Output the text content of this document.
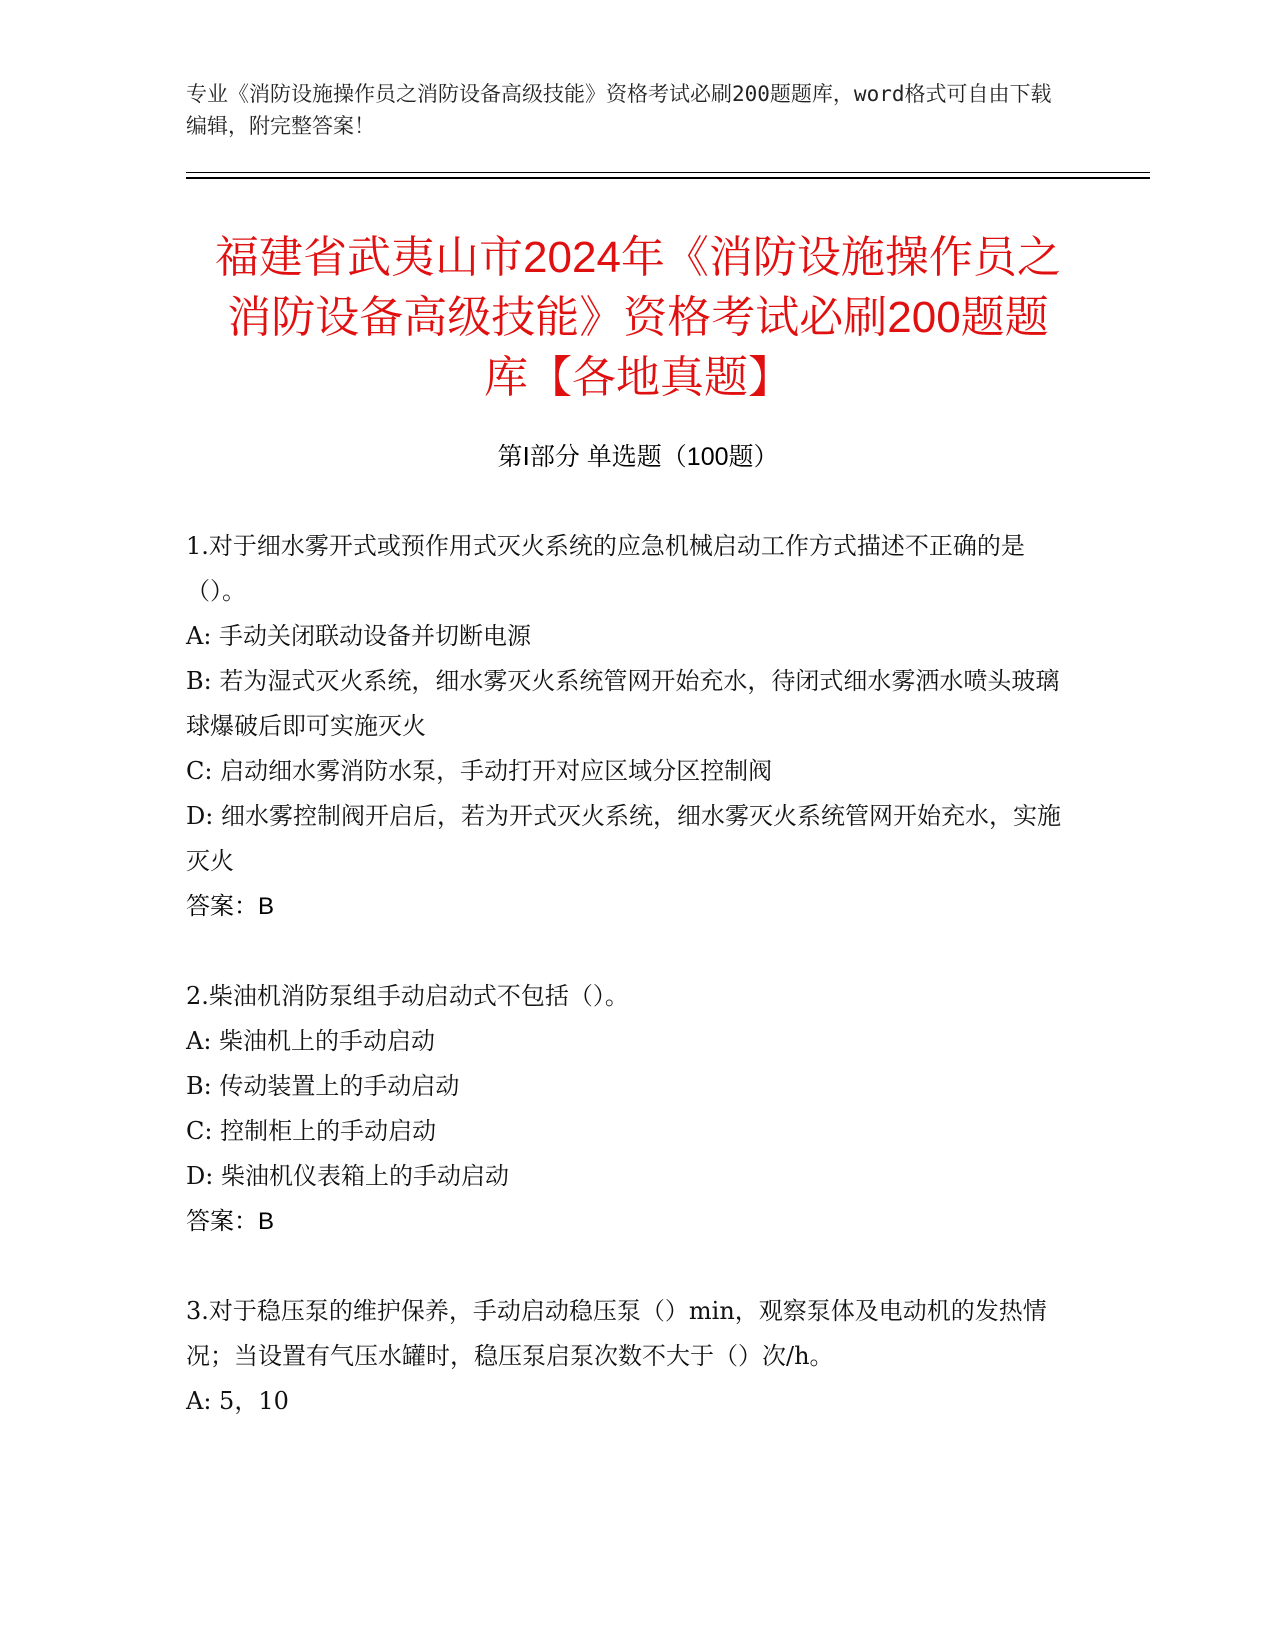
专业《消防设施操作员之消防设备高级技能》资格考试必刷200题题库，word格式可自由下载编辑，附完整答案！
福建省武夷山市2024年《消防设施操作员之
消防设备高级技能》资格考试必刷200题题
库【各地真题】
第Ⅰ部分 单选题（100题）

1.对于细水雾开式或预作用式灭火系统的应急机械启动工作方式描述不正确的是（）。

A: 手动关闭联动设备并切断电源

B: 若为湿式灭火系统，细水雾灭火系统管网开始充水，待闭式细水雾洒水喷头玻璃球爆破后即可实施灭火

C: 启动细水雾消防水泵，手动打开对应区域分区控制阀

D: 细水雾控制阀开启后，若为开式灭火系统，细水雾灭火系统管网开始充水，实施灭火

答案：B

2.柴油机消防泵组手动启动式不包括（）。

A: 柴油机上的手动启动

B: 传动装置上的手动启动

C: 控制柜上的手动启动

D: 柴油机仪表箱上的手动启动

答案：B

3.对于稳压泵的维护保养，手动启动稳压泵（）min，观察泵体及电动机的发热情况；当设置有气压水罐时，稳压泵启泵次数不大于（）次/h。

A: 5，10
